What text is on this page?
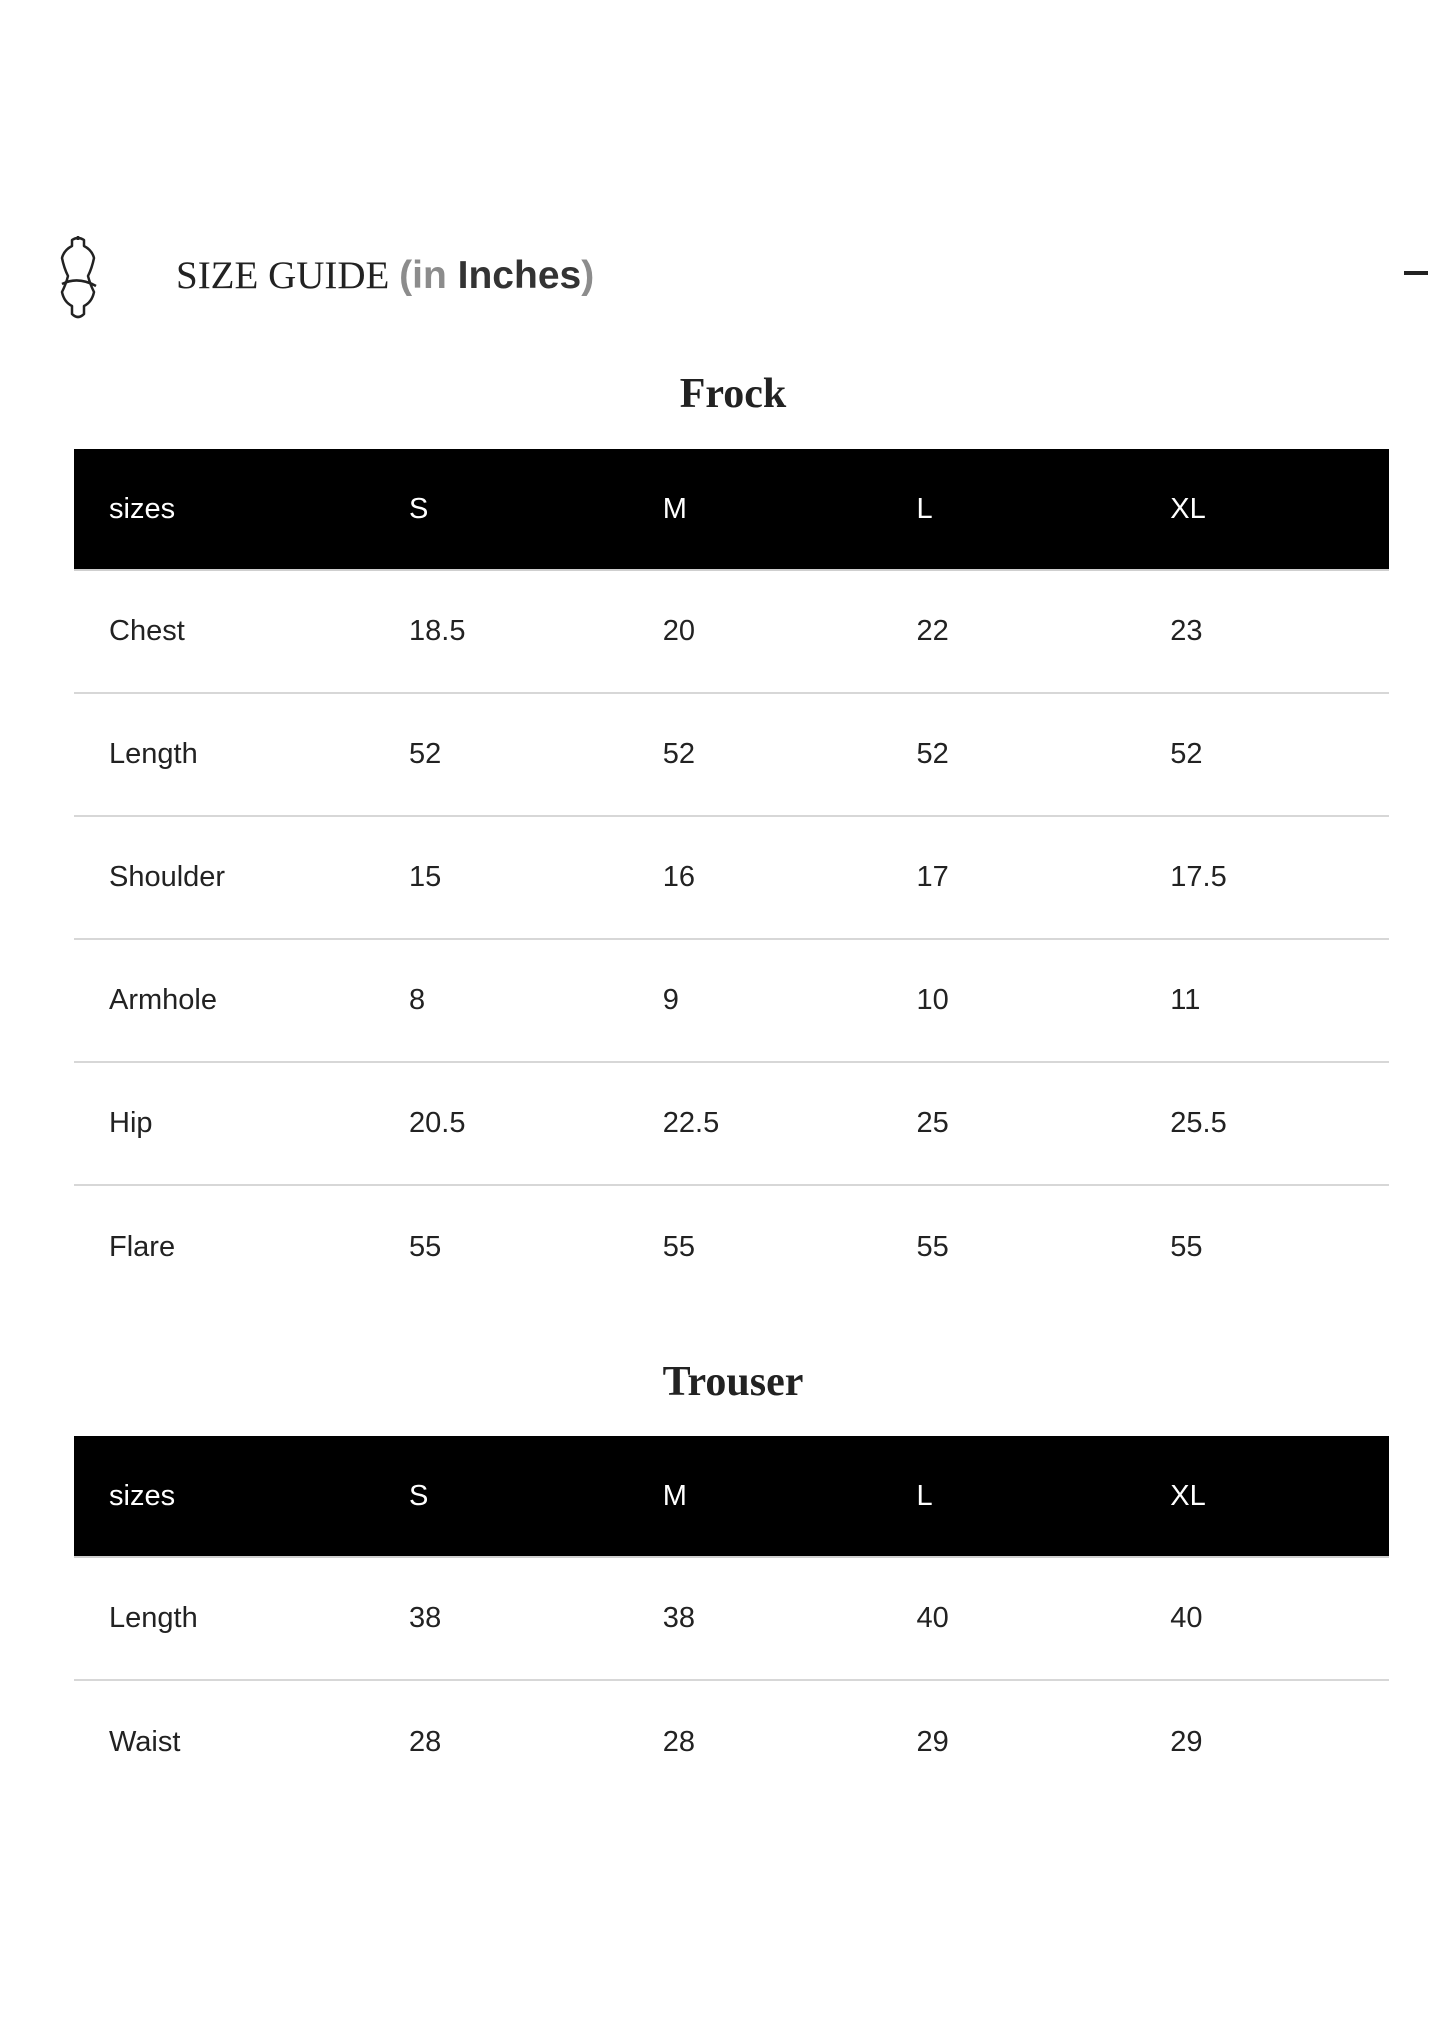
SIZE GUIDE (in Inches)
Frock
sizes	S	M	L	XL
Chest	18.5	20	22	23
Length	52	52	52	52
Shoulder	15	16	17	17.5
Armhole	8	9	10	11
Hip	20.5	22.5	25	25.5
Flare	55	55	55	55
Trouser
sizes	S	M	L	XL
Length	38	38	40	40
Waist	28	28	29	29
